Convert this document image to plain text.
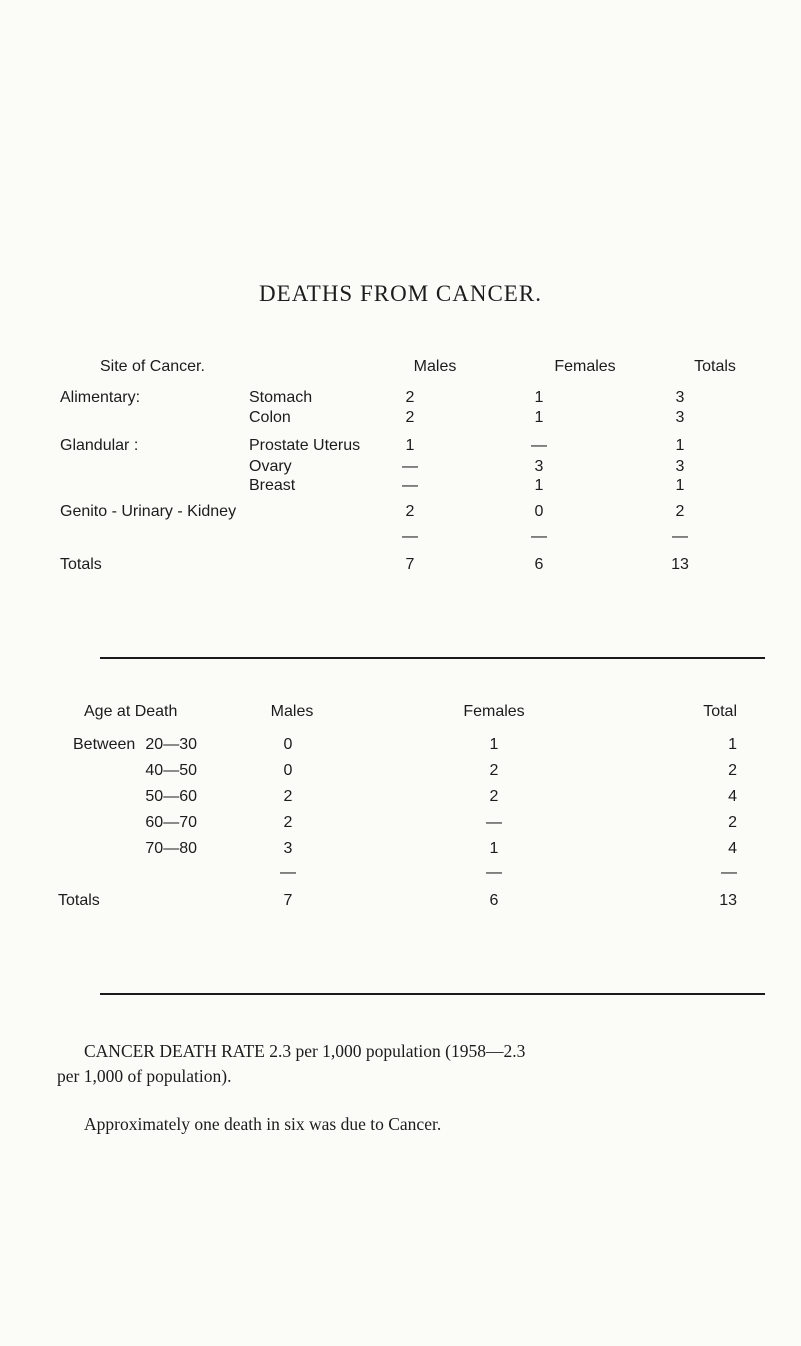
DEATHS FROM CANCER.
Site of Cancer.	Males	Females	Totals
Alimentary:	Stomach	2	1	3
Colon	2	1	3
Glandular :	Prostate Uterus	1	—	1
Ovary	—	3	3
Breast	—	1	1
Genito - Urinary - Kidney	2	0	2
—	—	—
Totals	7	6	13
Age at Death	Males	Females	Total
Between 20—30	0	1	1
40—50	0	2	2
50—60	2	2	4
60—70	2	—	2
70—80	3	1	4
—	—	—
Totals	7	6	13
CANCER DEATH RATE 2.3 per 1,000 population (1958—2.3
per 1,000 of population).
Approximately one death in six was due to Cancer.
